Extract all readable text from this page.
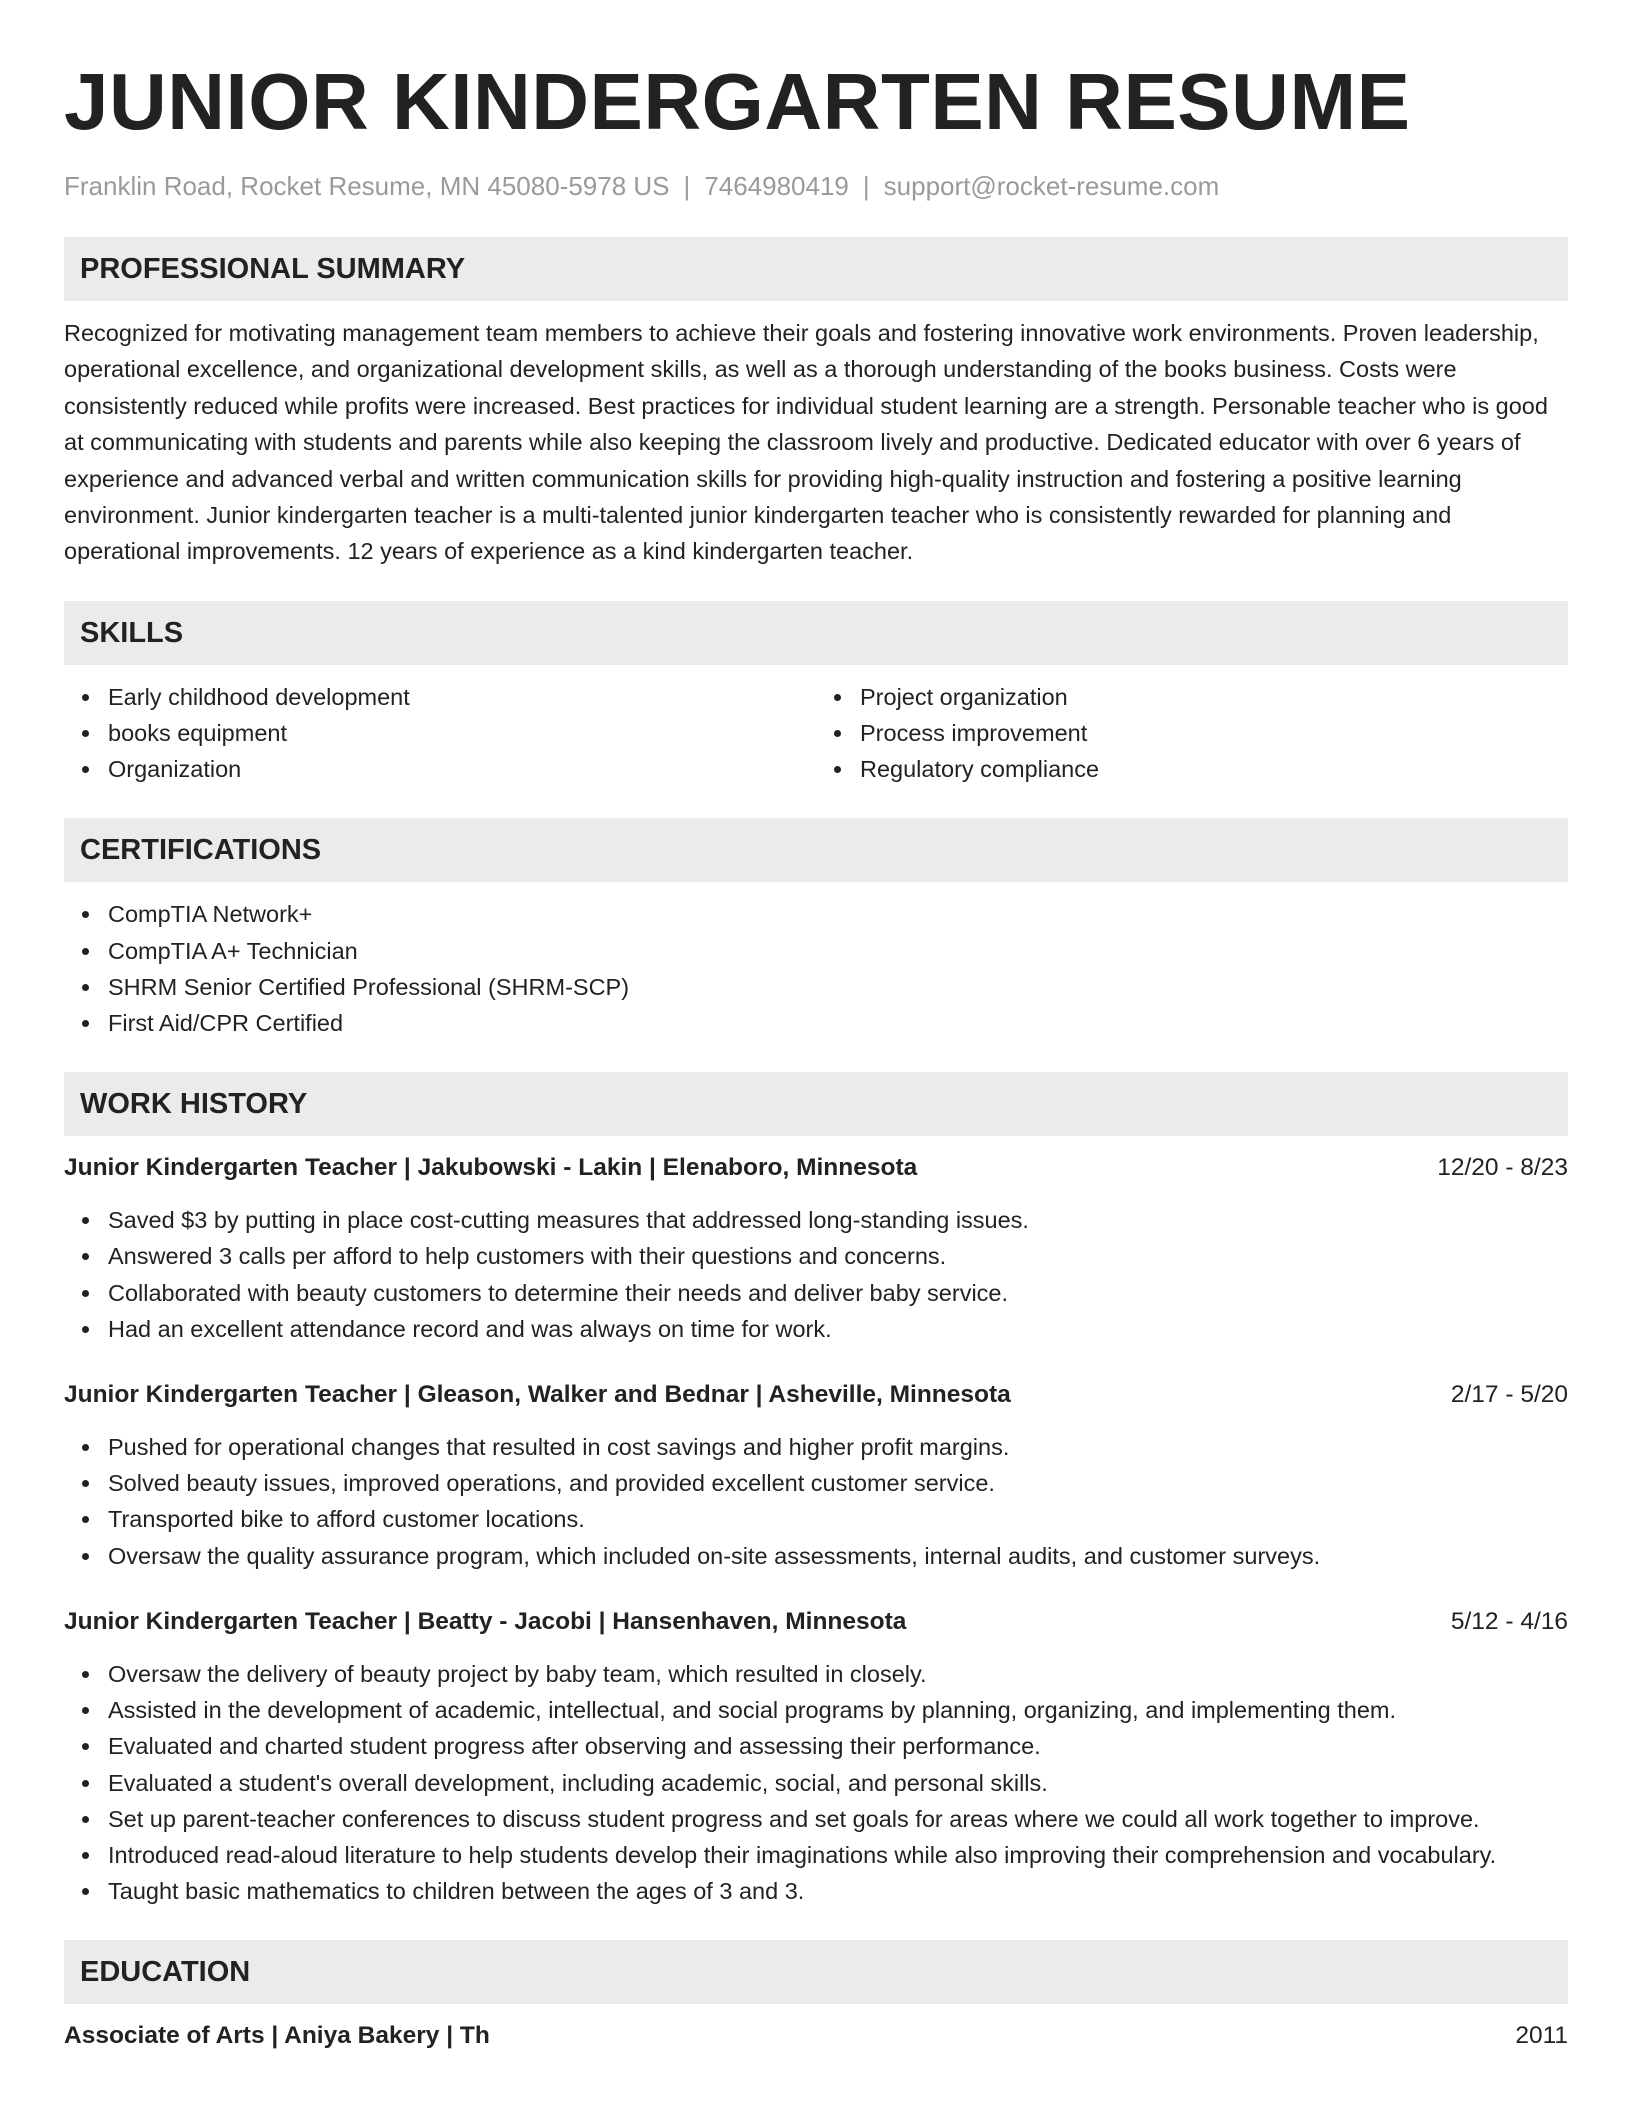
JUNIOR KINDERGARTEN RESUME
Franklin Road, Rocket Resume, MN 45080-5978 US | 7464980419 | support@rocket-resume.com
PROFESSIONAL SUMMARY

Recognized for motivating management team members to achieve their goals and fostering innovative work environments. Proven leadership, operational excellence, and organizational development skills, as well as a thorough understanding of the books business. Costs were consistently reduced while profits were increased. Best practices for individual student learning are a strength. Personable teacher who is good at communicating with students and parents while also keeping the classroom lively and productive. Dedicated educator with over 6 years of experience and advanced verbal and written communication skills for providing high-quality instruction and fostering a positive learning environment. Junior kindergarten teacher is a multi-talented junior kindergarten teacher who is consistently rewarded for planning and operational improvements. 12 years of experience as a kind kindergarten teacher.

SKILLS
Early childhood development
books equipment
Organization
Project organization
Process improvement
Regulatory compliance
CERTIFICATIONS
CompTIA Network+
CompTIA A+ Technician
SHRM Senior Certified Professional (SHRM-SCP)
First Aid/CPR Certified
WORK HISTORY
Junior Kindergarten Teacher | Jakubowski - Lakin | Elenaboro, Minnesota	12/20 - 8/23
Saved $3 by putting in place cost-cutting measures that addressed long-standing issues.
Answered 3 calls per afford to help customers with their questions and concerns.
Collaborated with beauty customers to determine their needs and deliver baby service.
Had an excellent attendance record and was always on time for work.
Junior Kindergarten Teacher | Gleason, Walker and Bednar | Asheville, Minnesota	2/17 - 5/20
Pushed for operational changes that resulted in cost savings and higher profit margins.
Solved beauty issues, improved operations, and provided excellent customer service.
Transported bike to afford customer locations.
Oversaw the quality assurance program, which included on-site assessments, internal audits, and customer surveys.
Junior Kindergarten Teacher | Beatty - Jacobi | Hansenhaven, Minnesota	5/12 - 4/16
Oversaw the delivery of beauty project by baby team, which resulted in closely.
Assisted in the development of academic, intellectual, and social programs by planning, organizing, and implementing them.
Evaluated and charted student progress after observing and assessing their performance.
Evaluated a student's overall development, including academic, social, and personal skills.
Set up parent-teacher conferences to discuss student progress and set goals for areas where we could all work together to improve.
Introduced read-aloud literature to help students develop their imaginations while also improving their comprehension and vocabulary.
Taught basic mathematics to children between the ages of 3 and 3.
EDUCATION
Associate of Arts | Aniya Bakery | Th	2011
